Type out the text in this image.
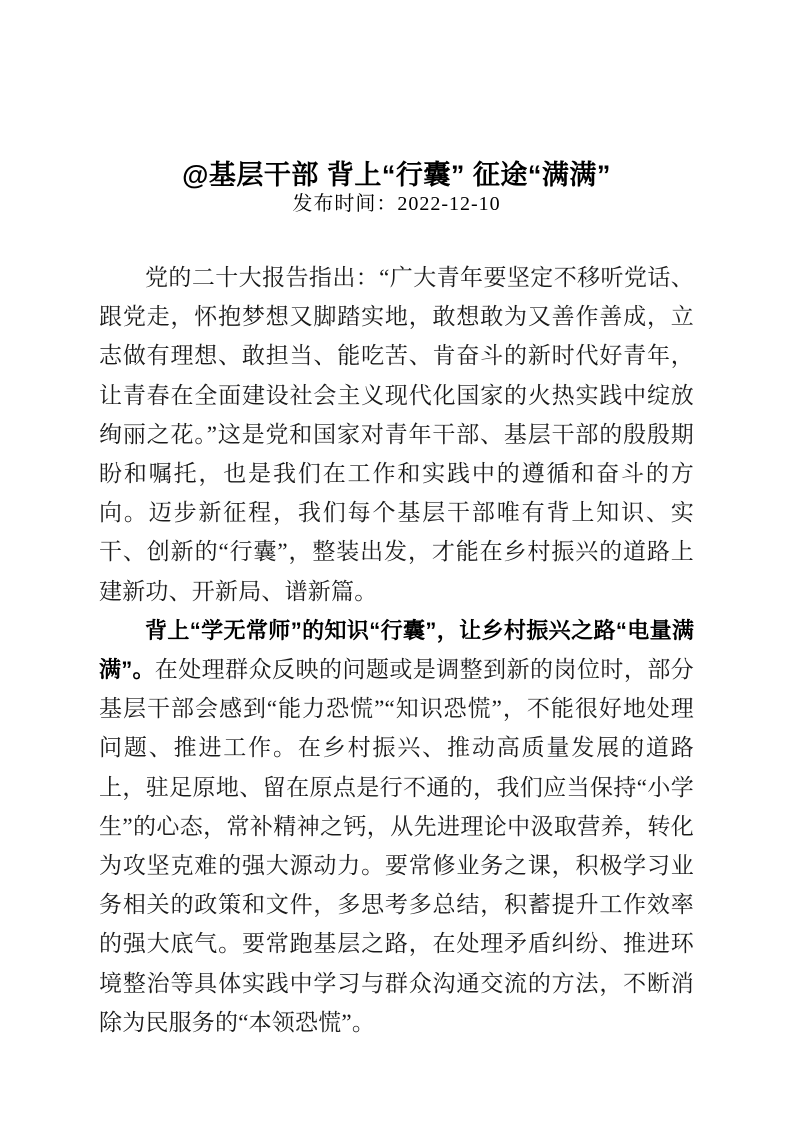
@基层干部 背上“行囊” 征途“满满”
发布时间：2022-12-10

党的二十大报告指出：“广大青年要坚定不移听党话、跟党走，怀抱梦想又脚踏实地，敢想敢为又善作善成，立志做有理想、敢担当、能吃苦、肯奋斗的新时代好青年，让青春在全面建设社会主义现代化国家的火热实践中绽放绚丽之花。”这是党和国家对青年干部、基层干部的殷殷期盼和嘱托，也是我们在工作和实践中的遵循和奋斗的方向。迈步新征程，我们每个基层干部唯有背上知识、实干、创新的“行囊”，整装出发，才能在乡村振兴的道路上建新功、开新局、谱新篇。

背上“学无常师”的知识“行囊”，让乡村振兴之路“电量满满”。在处理群众反映的问题或是调整到新的岗位时，部分基层干部会感到“能力恐慌”“知识恐慌”，不能很好地处理问题、推进工作。在乡村振兴、推动高质量发展的道路上，驻足原地、留在原点是行不通的，我们应当保持“小学生”的心态，常补精神之钙，从先进理论中汲取营养，转化为攻坚克难的强大源动力。要常修业务之课，积极学习业务相关的政策和文件，多思考多总结，积蓄提升工作效率的强大底气。要常跑基层之路，在处理矛盾纠纷、推进环境整治等具体实践中学习与群众沟通交流的方法，不断消除为民服务的“本领恐慌”。
